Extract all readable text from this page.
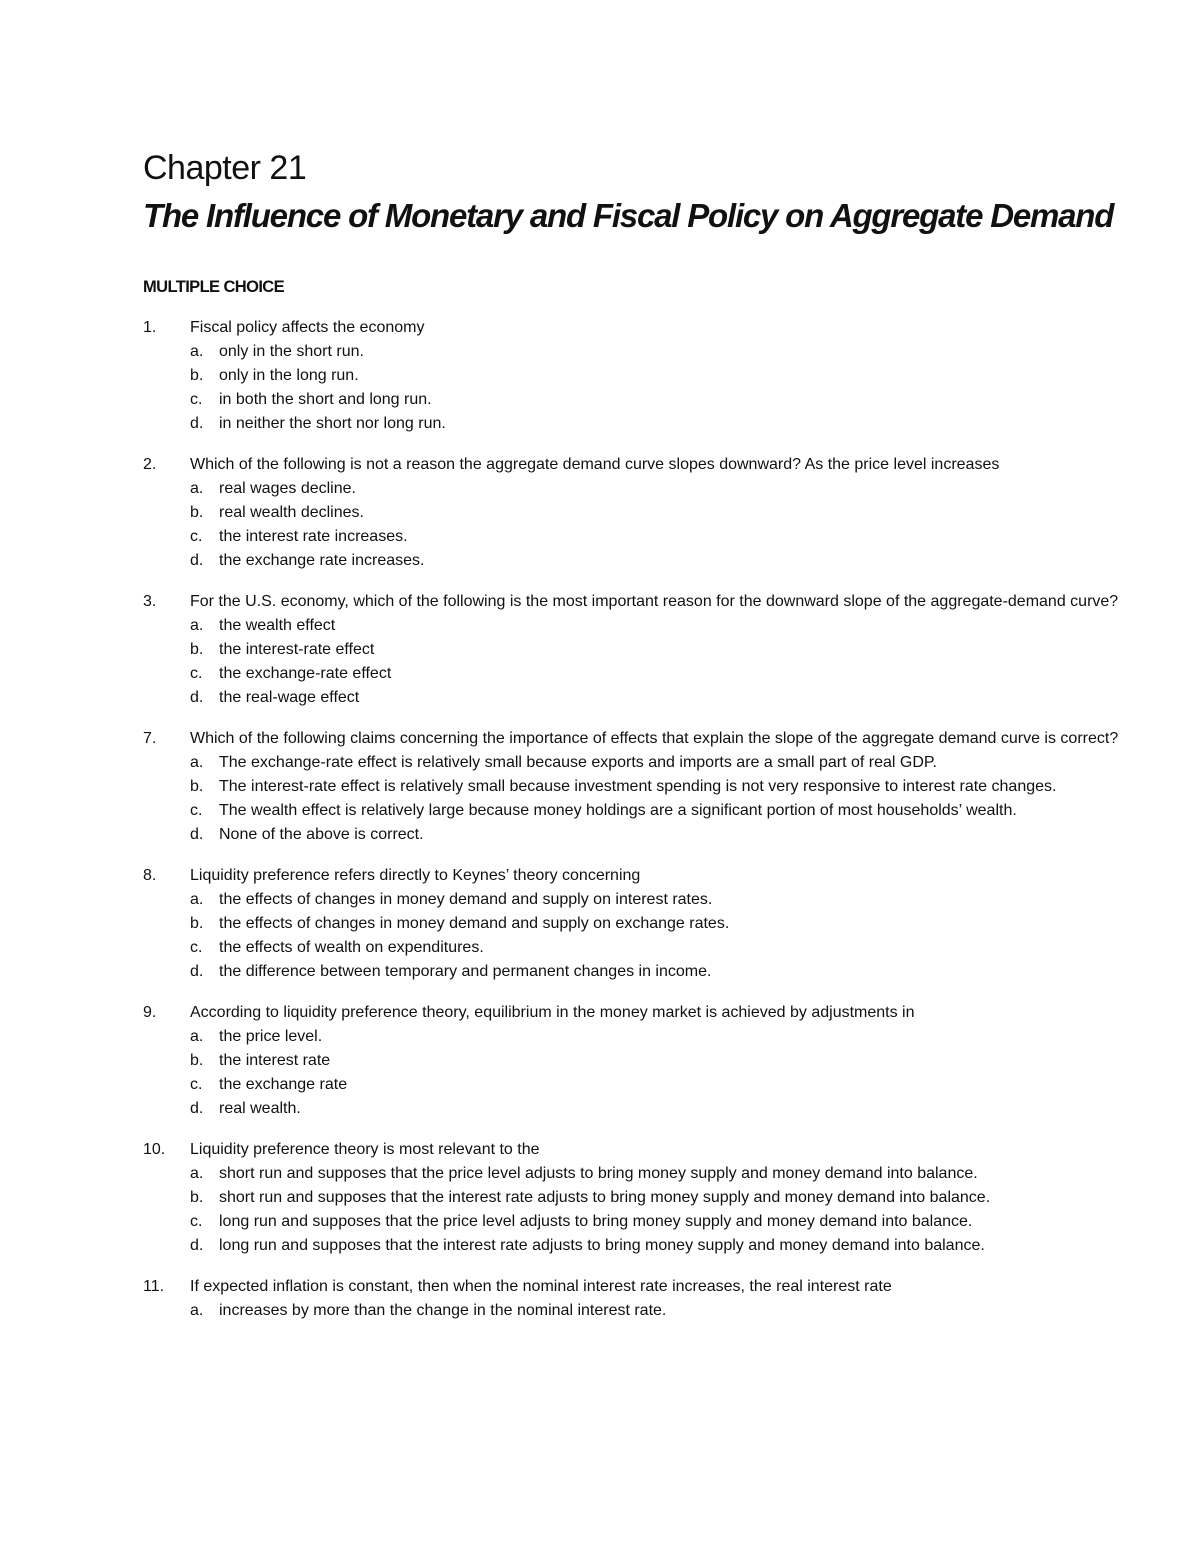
Chapter 21
The Influence of Monetary and Fiscal Policy on Aggregate Demand
MULTIPLE CHOICE
1.	Fiscal policy affects the economy
a. only in the short run.
b. only in the long run.
c.	in both the short and long run.
d. in neither the short nor long run.
2.	Which of the following is not a reason the aggregate demand curve slopes downward? As the price level increases
a. real wages decline.
b. real wealth declines.
c.	the interest rate increases.
d. the exchange rate increases.
3.	For the U.S. economy, which of the following is the most important reason for the downward slope of the aggregate-demand curve?
a. the wealth effect
b. the interest-rate effect
c.	the exchange-rate effect
d. the real-wage effect
7.	Which of the following claims concerning the importance of effects that explain the slope of the aggregate demand curve is correct?
a. The exchange-rate effect is relatively small because exports and imports are a small part of real GDP.
b. The interest-rate effect is relatively small because investment spending is not very responsive to interest rate changes.
c.	The wealth effect is relatively large because money holdings are a significant portion of most households’ wealth.
d. None of the above is correct.
8.	Liquidity preference refers directly to Keynes’ theory concerning
a. the effects of changes in money demand and supply on interest rates.
b. the effects of changes in money demand and supply on exchange rates.
c.	the effects of wealth on expenditures.
d. the difference between temporary and permanent changes in income.
9.	According to liquidity preference theory, equilibrium in the money market is achieved by adjustments in
a. the price level.
b. the interest rate
c.	the exchange rate
d. real wealth.
10.	Liquidity preference theory is most relevant to the
a. short run and supposes that the price level adjusts to bring money supply and money demand into balance.
b. short run and supposes that the interest rate adjusts to bring money supply and money demand into balance.
c.	long run and supposes that the price level adjusts to bring money supply and money demand into balance.
d. long run and supposes that the interest rate adjusts to bring money supply and money demand into balance.
11.	If expected inflation is constant, then when the nominal interest rate increases, the real interest rate
a. increases by more than the change in the nominal interest rate.
